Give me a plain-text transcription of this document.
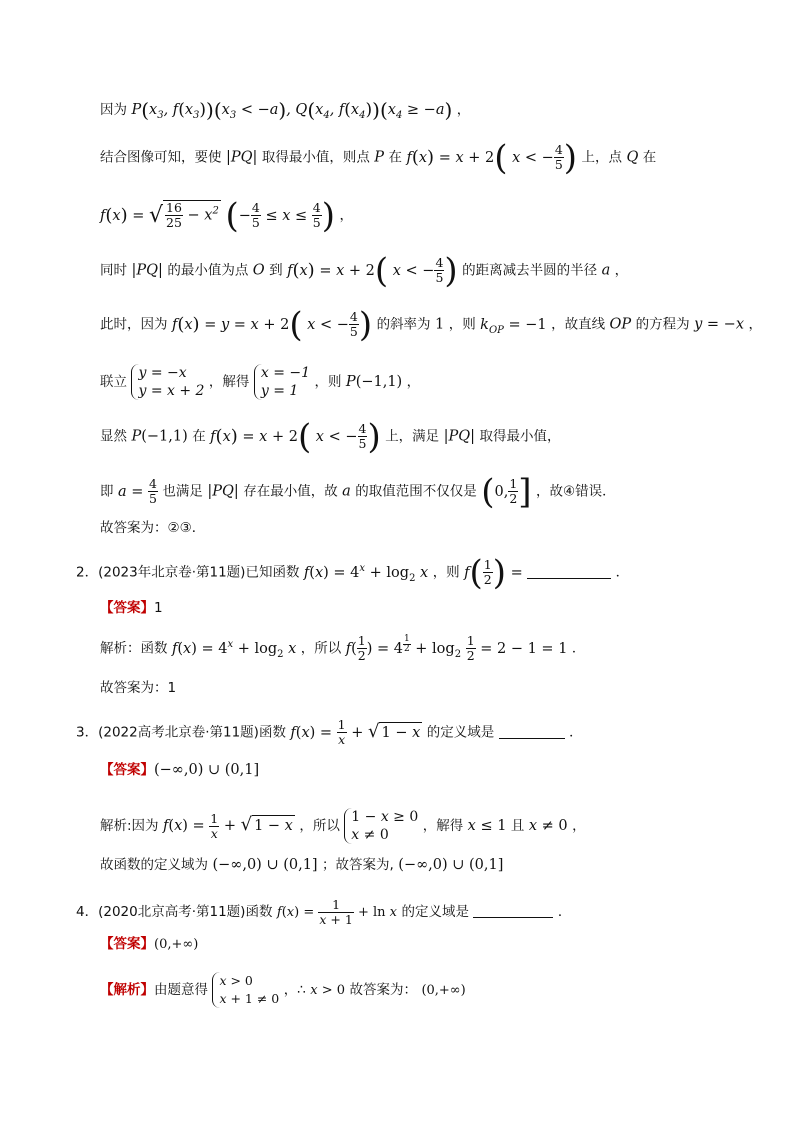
因为 $P(x_3$, $f(x_3))(x_3 < -a)$, $Q(x_4$, $f(x_4))(x_4 \ge -a)$ ，
结合图像可知，要使 |PQ| 取得最小值，则点 P 在 f(x) = x + 2( x < − $\frac{4}{5}$ ) 上，点 Q 在
f(x) = √ $\frac{16}{25} - x^2$ (− $\frac{4}{5} \le x \le \frac{4}{5}$ ) ，
同时 |PQ| 的最小值为点 O 到 f(x) = x + 2( x < − $\frac{4}{5}$ ) 的距离减去半圆的半径 a ，
此时，因为 f(x) = y = x + 2( x < − $\frac{4}{5}$ ) 的斜率为 1 ，则 $k_{OP} = -1$ ，故直线 OP 的方程为 y = −x ，
联立
y = −x
y = x + 2
，解得
x = −1
y = 1
，则 P(−1,1) ，
显然 P(−1,1) 在 f(x) = x + 2( x < − $\frac{4}{5}$ ) 上，满足 |PQ| 取得最小值，
即 $a = \frac{4}{5}$ 也满足 |PQ| 存在最小值，故 a 的取值范围不仅仅是 (0, $\frac{1}{2}$ ] ，故④错误．
故答案为：②③．
2．(2023年北京卷·第11题)已知函数 $f(x) = 4^x + \log_2 x$ ，则 $f( \frac{1}{2}$ ) =	．
【答案】1
解析：函数 $f(x) = 4^x + \log_2 x$ ，所以 $f( \frac{1}{2}$ ) = 4 $^{\frac{1}{2}} + \log_2 \frac{1}{2} = 2 - 1 = 1$ ．
故答案为：1
3．(2022高考北京卷·第11题)函数 $f(x) = \frac{1}{x}$ + √ 1 − x 的定义域是	．
【答案】(−∞,0) ∪ (0,1]
解析:因为 $f(x) = \frac{1}{x}$ + √ 1 − x ，所以
1 − x ≥ 0
x ≠ 0
，解得 x ≤ 1 且 x ≠ 0 ，
故函数的定义域为 (−∞,0) ∪ (0,1] ；故答案为, (−∞,0) ∪ (0,1]
4．(2020北京高考·第11题)函数 $f(x) = \frac{1}{x + 1} + \ln x$ 的定义域是	．
【答案】(0,+∞)
【解析】由题意得
x > 0
x + 1 ≠ 0
，∴ x > 0 故答案为： (0,+∞)
